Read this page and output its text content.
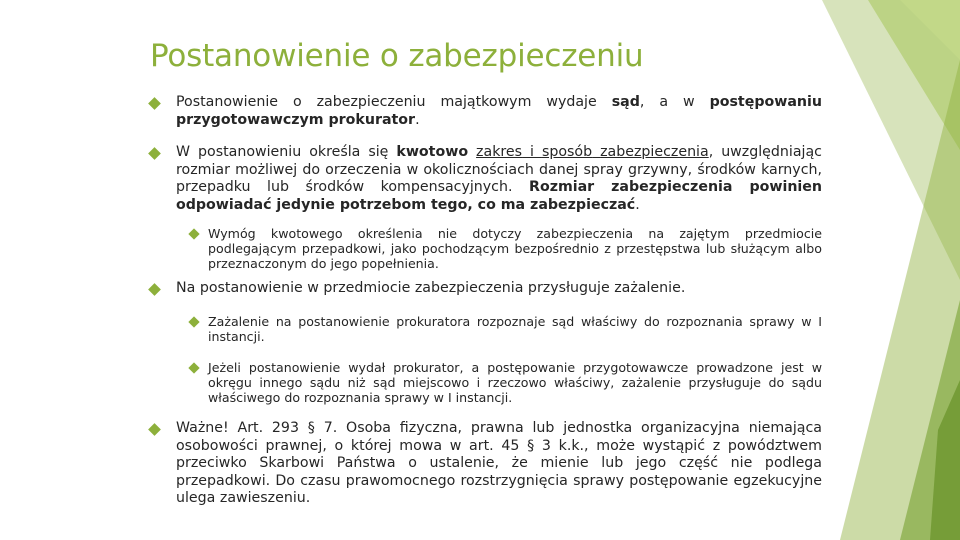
Postanowienie o zabezpieczeniu
Postanowienie o zabezpieczeniu majątkowym wydaje sąd, a w postępowaniu przygotowawczym prokurator.
W postanowieniu określa się kwotowo zakres i sposób zabezpieczenia, uwzględniając rozmiar możliwej do orzeczenia w okolicznościach danej spray grzywny, środków karnych, przepadku lub środków kompensacyjnych. Rozmiar zabezpieczenia powinien odpowiadać jedynie potrzebom tego, co ma zabezpieczać.
Wymóg kwotowego określenia nie dotyczy zabezpieczenia na zajętym przedmiocie podlegającym przepadkowi, jako pochodzącym bezpośrednio z przestępstwa lub służącym albo przeznaczonym do jego popełnienia.
Na postanowienie w przedmiocie zabezpieczenia przysługuje zażalenie.
Zażalenie na postanowienie prokuratora rozpoznaje sąd właściwy do rozpoznania sprawy w I instancji.
Jeżeli postanowienie wydał prokurator, a postępowanie przygotowawcze prowadzone jest w okręgu innego sądu niż sąd miejscowo i rzeczowo właściwy, zażalenie przysługuje do sądu właściwego do rozpoznania sprawy w I instancji.
Ważne! Art. 293 § 7. Osoba fizyczna, prawna lub jednostka organizacyjna niemająca osobowości prawnej, o której mowa w art. 45 § 3 k.k., może wystąpić z powództwem przeciwko Skarbowi Państwa o ustalenie, że mienie lub jego część nie podlega przepadkowi. Do czasu prawomocnego rozstrzygnięcia sprawy postępowanie egzekucyjne ulega zawieszeniu.
